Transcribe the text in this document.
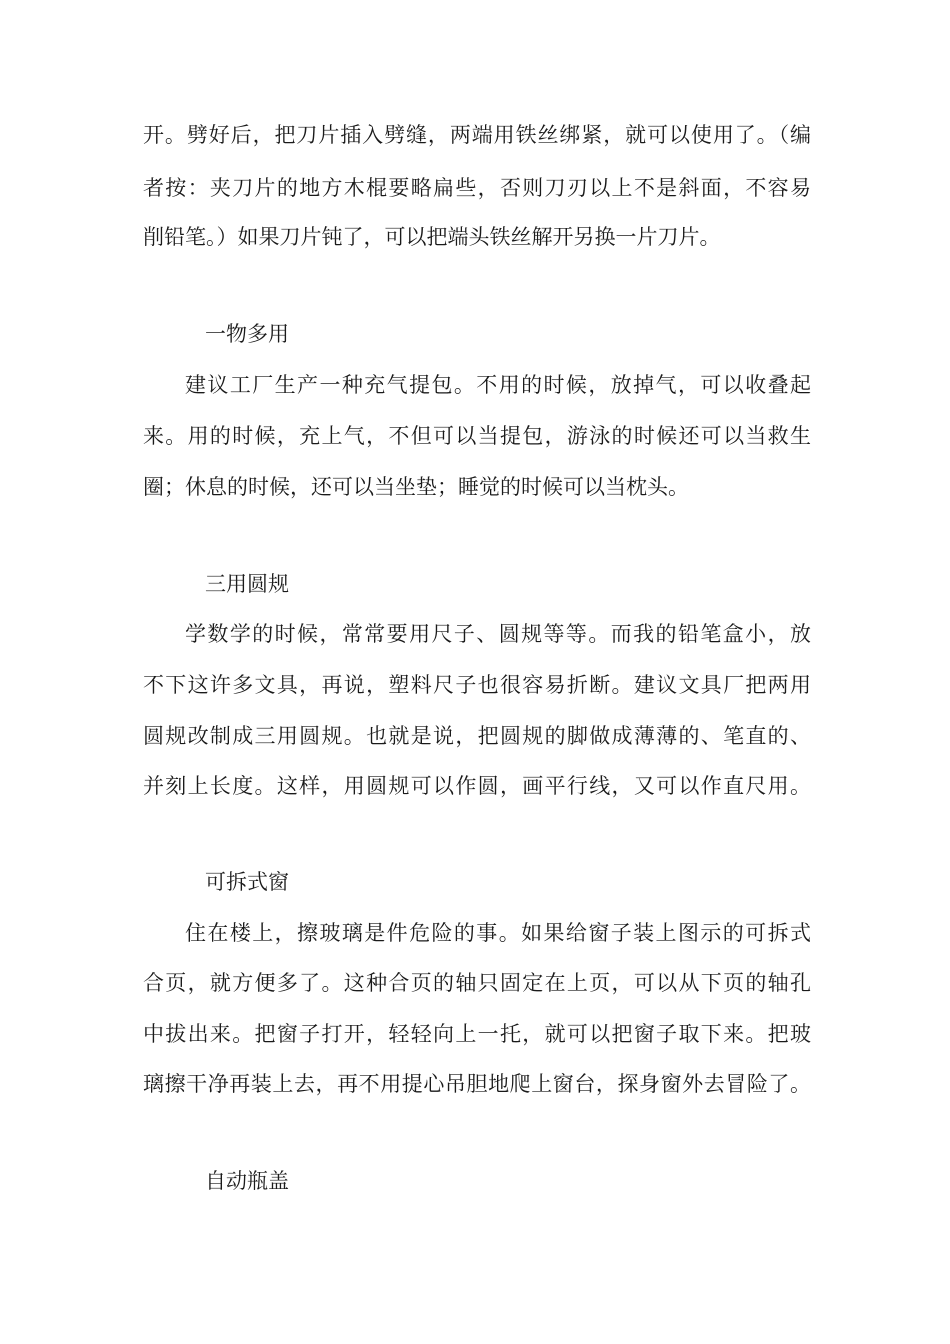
开。劈好后，把刀片插入劈缝，两端用铁丝绑紧，就可以使用了。（编
者按：夹刀片的地方木棍要略扁些，否则刀刃以上不是斜面，不容易
削铅笔。）如果刀片钝了，可以把端头铁丝解开另换一片刀片。
一物多用
建议工厂生产一种充气提包。不用的时候，放掉气，可以收叠起
来。用的时候，充上气，不但可以当提包，游泳的时候还可以当救生
圈；休息的时候，还可以当坐垫；睡觉的时候可以当枕头。
三用圆规
学数学的时候，常常要用尺子、圆规等等。而我的铅笔盒小，放
不下这许多文具，再说，塑料尺子也很容易折断。建议文具厂把两用
圆规改制成三用圆规。也就是说，把圆规的脚做成薄薄的、笔直的、
并刻上长度。这样，用圆规可以作圆，画平行线，又可以作直尺用。
可拆式窗
住在楼上，擦玻璃是件危险的事。如果给窗子装上图示的可拆式
合页，就方便多了。这种合页的轴只固定在上页，可以从下页的轴孔
中拔出来。把窗子打开，轻轻向上一托，就可以把窗子取下来。把玻
璃擦干净再装上去，再不用提心吊胆地爬上窗台，探身窗外去冒险了。
自动瓶盖
